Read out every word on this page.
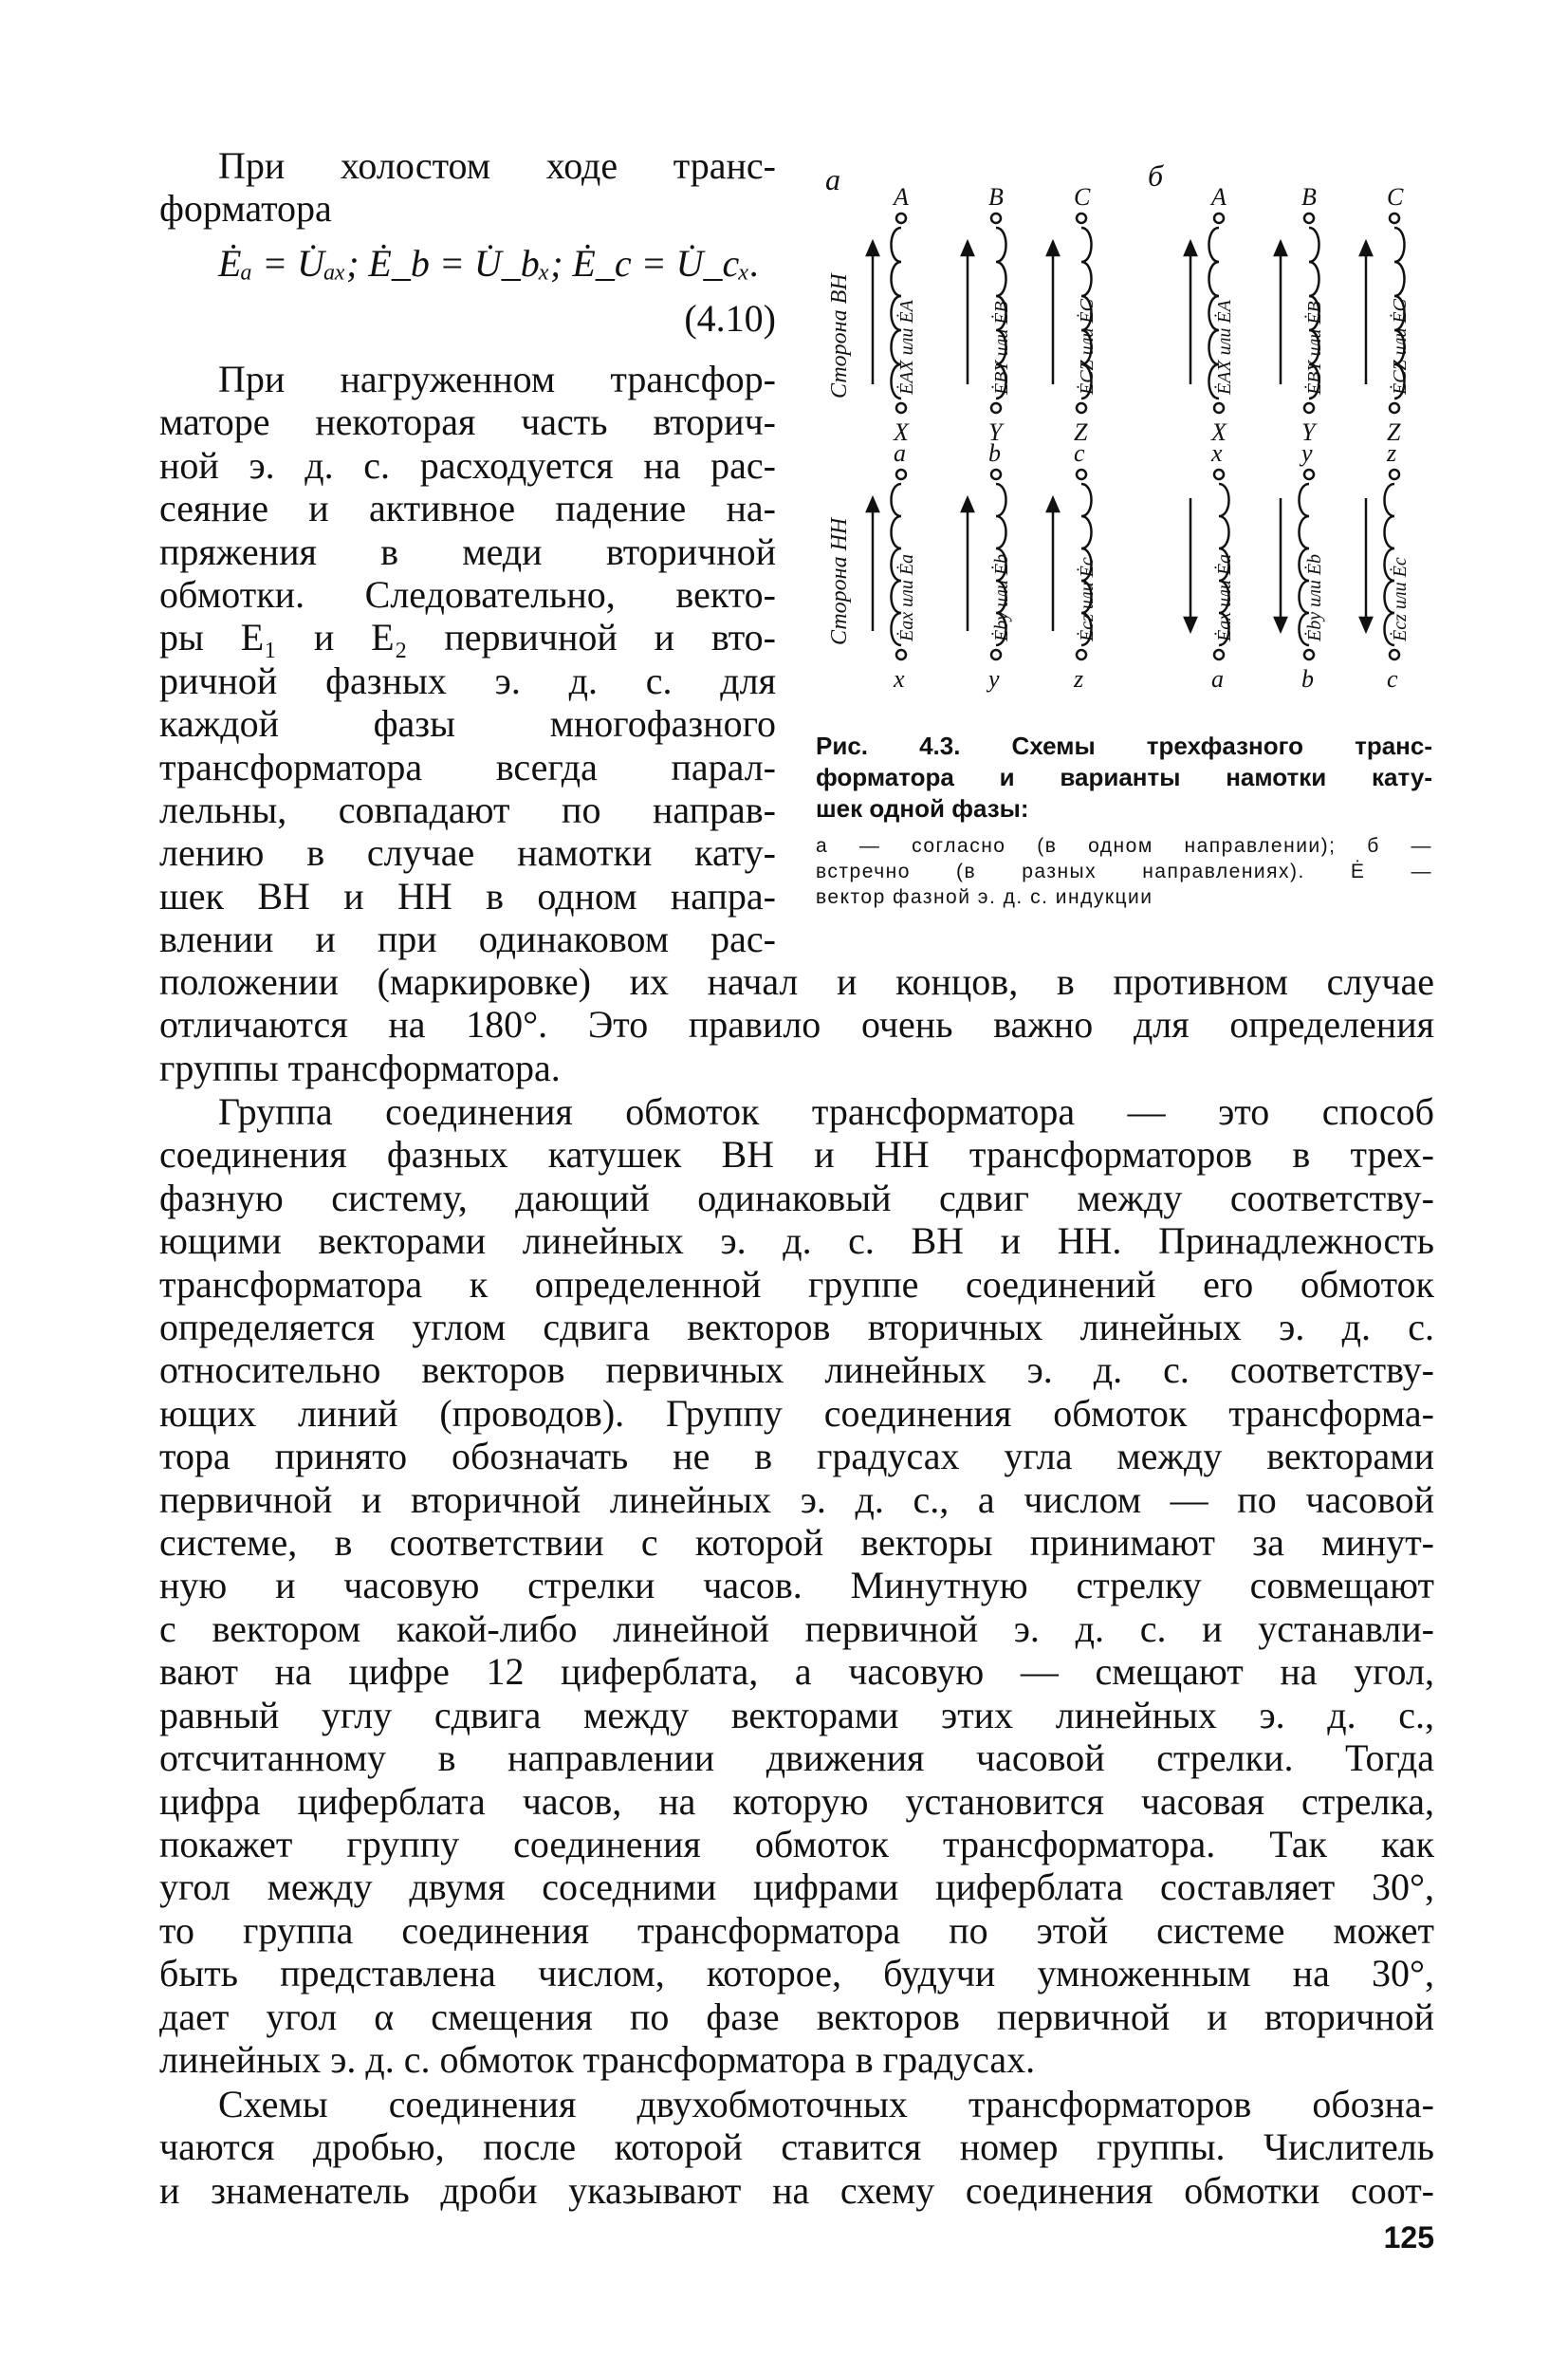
При холостом ходе транс-
форматора
Ėₐ = U̇ₐₓ; Ė_b = U̇_bₓ; Ė_c = U̇_cₓ.
(4.10)
При нагруженном трансфор-
маторе некоторая часть вторич-
ной э. д. с. расходуется на рас-
сеяние и активное падение на-
пряжения в меди вторичной
обмотки. Следовательно, векто-
ры E₁ и E₂ первичной и вто-
ричной фазных э. д. с. для
каждой фазы многофазного
трансформатора всегда парал-
лельны, совпадают по направ-
лению в случае намотки кату-
шек ВН и НН в одном напра-
влении и при одинаковом рас-
а	б
Сторона ВН
Сторона НН
A
X
ĖAX или ĖA
A
X
ĖAX или ĖA
B
Y
ĖBY или ĖB
B
Y
ĖBY или ĖB
C
Z
ĖCZ или ĖC
C
Z
ĖCZ или ĖC
a
x
Ėax или Ėa
b
y
Ėby или Ėb
c
z
Ėcz или Ėc
x
a
Ėax или Ėa
y
b
Ėby или Ėb
z
c
Ėcz или Ėc
Рис. 4.3. Схемы трехфазного транс-
форматора и варианты намотки кату-
шек одной фазы:
а — согласно (в одном направлении); б —
встречно (в разных направлениях). Ė —
вектор фазной э. д. с. индукции
положении (маркировке) их начал и концов, в противном случае
отличаются на 180°. Это правило очень важно для определения
группы трансформатора.
Группа соединения обмоток трансформатора — это способ
соединения фазных катушек ВН и НН трансформаторов в трех-
фазную систему, дающий одинаковый сдвиг между соответству-
ющими векторами линейных э. д. с. ВН и НН. Принадлежность
трансформатора к определенной группе соединений его обмоток
определяется углом сдвига векторов вторичных линейных э. д. с.
относительно векторов первичных линейных э. д. с. соответству-
ющих линий (проводов). Группу соединения обмоток трансформа-
тора принято обозначать не в градусах угла между векторами
первичной и вторичной линейных э. д. с., а числом — по часовой
системе, в соответствии с которой векторы принимают за минут-
ную и часовую стрелки часов. Минутную стрелку совмещают
с вектором какой-либо линейной первичной э. д. с. и устанавли-
вают на цифре 12 циферблата, а часовую — смещают на угол,
равный углу сдвига между векторами этих линейных э. д. с.,
отсчитанному в направлении движения часовой стрелки. Тогда
цифра циферблата часов, на которую установится часовая стрелка,
покажет группу соединения обмоток трансформатора. Так как
угол между двумя соседними цифрами циферблата составляет 30°,
то группа соединения трансформатора по этой системе может
быть представлена числом, которое, будучи умноженным на 30°,
дает угол α смещения по фазе векторов первичной и вторичной
линейных э. д. с. обмоток трансформатора в градусах.
Схемы соединения двухобмоточных трансформаторов обозна-
чаются дробью, после которой ставится номер группы. Числитель
и знаменатель дроби указывают на схему соединения обмотки соот-
125
